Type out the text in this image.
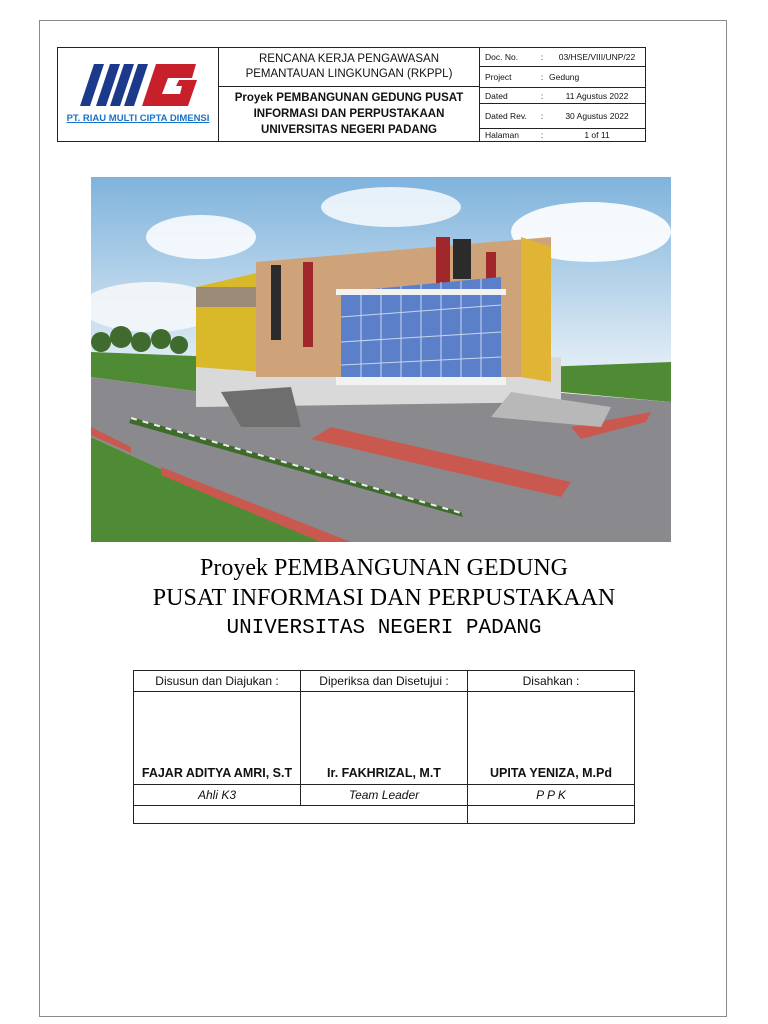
PT. RIAU MULTI CIPTA DIMENSI
RENCANA KERJA PENGAWASAN
PEMANTAUAN LINGKUNGAN (RKPPL)
Proyek PEMBANGUNAN GEDUNG PUSAT
INFORMASI DAN PERPUSTAKAAN
UNIVERSITAS NEGERI PADANG
Doc. No.	:	03/HSE/VIII/UNP/22
Project	: Gedung
Dated	:	11 Agustus 2022
Dated Rev.	:	30 Agustus 2022
Halaman	:	1 of 11
Proyek PEMBANGUNAN GEDUNG
PUSAT INFORMASI DAN PERPUSTAKAAN
UNIVERSITAS NEGERI PADANG
Disusun dan Diajukan :	Diperiksa dan Disetujui :	Disahkan :

FAJAR ADITYA AMRI, S.T	Ir. FAKHRIZAL, M.T	UPITA YENIZA, M.Pd
Ahli K3	Team Leader	P P K
